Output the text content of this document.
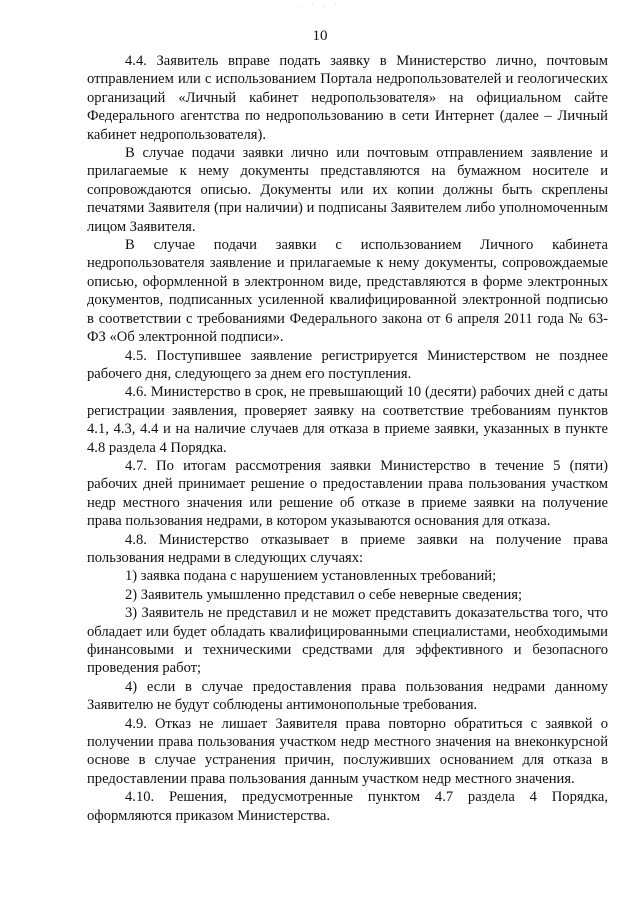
· ˙ · ˙
10

4.4. Заявитель вправе подать заявку в Министерство лично, почтовым отправлением или с использованием Портала недропользователей и геологических организаций «Личный кабинет недропользователя» на официальном сайте Федерального агентства по недропользованию в сети Интернет (далее – Личный кабинет недропользователя).

В случае подачи заявки лично или почтовым отправлением заявление и прилагаемые к нему документы представляются на бумажном носителе и сопровождаются описью. Документы или их копии должны быть скреплены печатями Заявителя (при наличии) и подписаны Заявителем либо уполномоченным лицом Заявителя.

В случае подачи заявки с использованием Личного кабинета недропользователя заявление и прилагаемые к нему документы, сопровождаемые описью, оформленной в электронном виде, представляются в форме электронных документов, подписанных усиленной квалифицированной электронной подписью в соответствии с требованиями Федерального закона от 6 апреля 2011 года № 63-ФЗ «Об электронной подписи».

4.5. Поступившее заявление регистрируется Министерством не позднее рабочего дня, следующего за днем его поступления.

4.6. Министерство в срок, не превышающий 10 (десяти) рабочих дней с даты регистрации заявления, проверяет заявку на соответствие требованиям пунктов 4.1, 4.3, 4.4 и на наличие случаев для отказа в приеме заявки, указанных в пункте 4.8 раздела 4 Порядка.

4.7. По итогам рассмотрения заявки Министерство в течение 5 (пяти) рабочих дней принимает решение о предоставлении права пользования участком недр местного значения или решение об отказе в приеме заявки на получение права пользования недрами, в котором указываются основания для отказа.

4.8. Министерство отказывает в приеме заявки на получение права пользования недрами в следующих случаях:

1) заявка подана с нарушением установленных требований;

2) Заявитель умышленно представил о себе неверные сведения;

3) Заявитель не представил и не может представить доказательства того, что обладает или будет обладать квалифицированными специалистами, необходимыми финансовыми и техническими средствами для эффективного и безопасного проведения работ;

4) если в случае предоставления права пользования недрами данному Заявителю не будут соблюдены антимонопольные требования.

4.9. Отказ не лишает Заявителя права повторно обратиться с заявкой о получении права пользования участком недр местного значения на внеконкурсной основе в случае устранения причин, послуживших основанием для отказа в предоставлении права пользования данным участком недр местного значения.

4.10. Решения, предусмотренные пунктом 4.7 раздела 4 Порядка, оформляются приказом Министерства.
